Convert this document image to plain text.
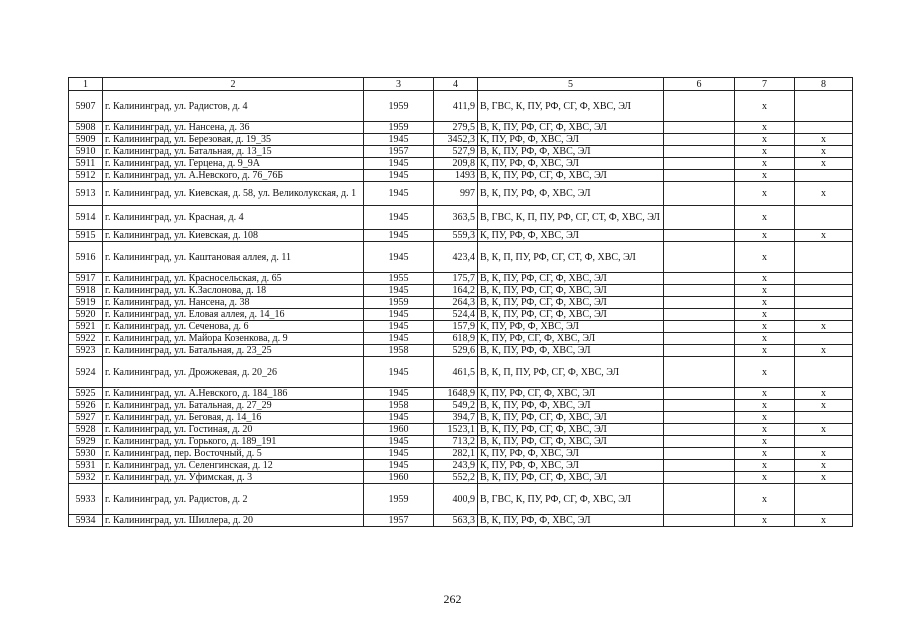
1	2	3	4	5	6	7	8
5907	г. Калининград, ул. Радистов, д. 4	1959	411,9	В, ГВС, К, ПУ, РФ, СГ, Ф, ХВС, ЭЛ		x	
5908	г. Калининград, ул. Нансена, д. 36	1959	279,5	В, К, ПУ, РФ, СГ, Ф, ХВС, ЭЛ		x	
5909	г. Калининград, ул. Березовая, д. 19_35	1945	3452,3	К, ПУ, РФ, Ф, ХВС, ЭЛ		x	x
5910	г. Калининград, ул. Батальная, д. 13_15	1957	527,9	В, К, ПУ, РФ, Ф, ХВС, ЭЛ		x	x
5911	г. Калининград, ул. Герцена, д. 9_9А	1945	209,8	К, ПУ, РФ, Ф, ХВС, ЭЛ		x	x
5912	г. Калининград, ул. А.Невского, д. 76_76Б	1945	1493	В, К, ПУ, РФ, СГ, Ф, ХВС, ЭЛ		x	
5913	г. Калининград, ул. Киевская, д. 58, ул. Великолукская, д. 1	1945	997	В, К, ПУ, РФ, Ф, ХВС, ЭЛ		x	x
5914	г. Калининград, ул. Красная, д. 4	1945	363,5	В, ГВС, К, П, ПУ, РФ, СГ, СТ, Ф, ХВС, ЭЛ		x	
5915	г. Калининград, ул. Киевская, д. 108	1945	559,3	К, ПУ, РФ, Ф, ХВС, ЭЛ		x	x
5916	г. Калининград, ул. Каштановая аллея, д. 11	1945	423,4	В, К, П, ПУ, РФ, СГ, СТ, Ф, ХВС, ЭЛ		x	
5917	г. Калининград, ул. Красносельская, д. 65	1955	175,7	В, К, ПУ, РФ, СГ, Ф, ХВС, ЭЛ		x	
5918	г. Калининград, ул. К.Заслонова, д. 18	1945	164,2	В, К, ПУ, РФ, СГ, Ф, ХВС, ЭЛ		x	
5919	г. Калининград, ул. Нансена, д. 38	1959	264,3	В, К, ПУ, РФ, СГ, Ф, ХВС, ЭЛ		x	
5920	г. Калининград, ул. Еловая аллея, д. 14_16	1945	524,4	В, К, ПУ, РФ, СГ, Ф, ХВС, ЭЛ		x	
5921	г. Калининград, ул. Сеченова, д. 6	1945	157,9	К, ПУ, РФ, Ф, ХВС, ЭЛ		x	x
5922	г. Калининград, ул. Майора Козенкова, д. 9	1945	618,9	К, ПУ, РФ, СГ, Ф, ХВС, ЭЛ		x	
5923	г. Калининград, ул. Батальная, д. 23_25	1958	529,6	В, К, ПУ, РФ, Ф, ХВС, ЭЛ		x	x
5924	г. Калининград, ул. Дрожжевая, д. 20_26	1945	461,5	В, К, П, ПУ, РФ, СГ, Ф, ХВС, ЭЛ		x	
5925	г. Калининград, ул. А.Невского, д. 184_186	1945	1648,9	К, ПУ, РФ, СГ, Ф, ХВС, ЭЛ		x	x
5926	г. Калининград, ул. Батальная, д. 27_29	1958	549,2	В, К, ПУ, РФ, Ф, ХВС, ЭЛ		x	x
5927	г. Калининград, ул. Беговая, д. 14_16	1945	394,7	В, К, ПУ, РФ, СГ, Ф, ХВС, ЭЛ		x	
5928	г. Калининград, ул. Гостиная, д. 20	1960	1523,1	В, К, ПУ, РФ, СГ, Ф, ХВС, ЭЛ		x	x
5929	г. Калининград, ул. Горького, д. 189_191	1945	713,2	В, К, ПУ, РФ, СГ, Ф, ХВС, ЭЛ		x	
5930	г. Калининград, пер. Восточный, д. 5	1945	282,1	К, ПУ, РФ, Ф, ХВС, ЭЛ		x	x
5931	г. Калининград, ул. Селенгинская, д. 12	1945	243,9	К, ПУ, РФ, Ф, ХВС, ЭЛ		x	x
5932	г. Калининград, ул. Уфимская, д. 3	1960	552,2	В, К, ПУ, РФ, СГ, Ф, ХВС, ЭЛ		x	x
5933	г. Калининград, ул. Радистов, д. 2	1959	400,9	В, ГВС, К, ПУ, РФ, СГ, Ф, ХВС, ЭЛ		x	
5934	г. Калининград, ул. Шиллера, д. 20	1957	563,3	В, К, ПУ, РФ, Ф, ХВС, ЭЛ		x	x
262
